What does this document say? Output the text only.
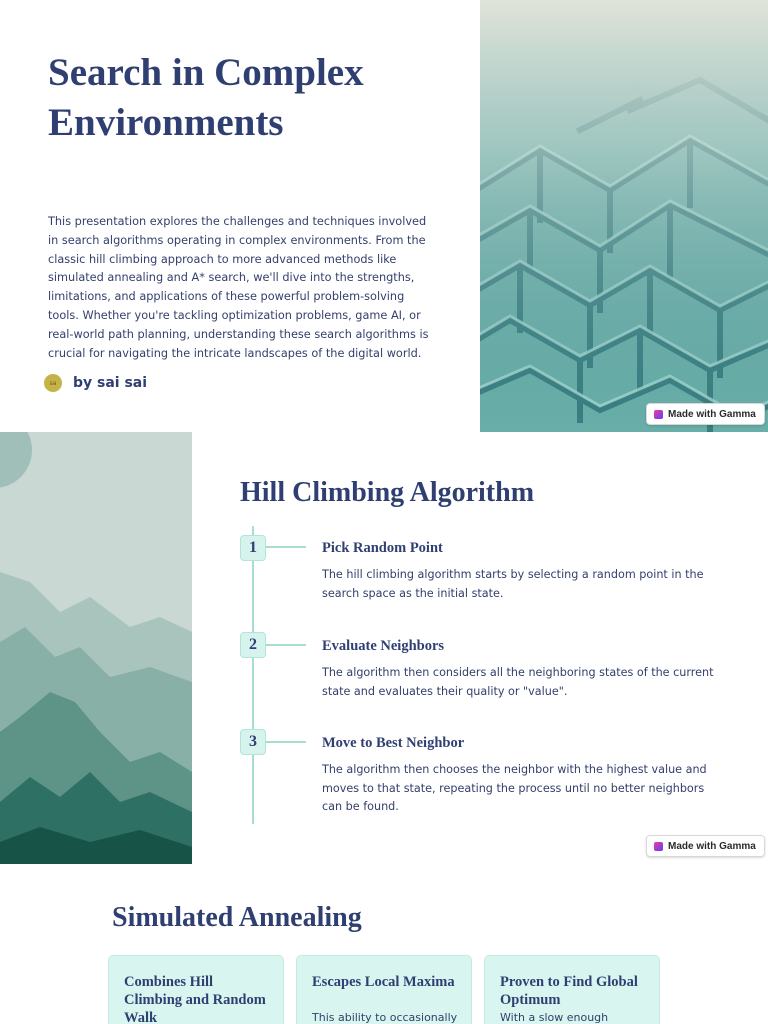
Search in Complex Environments

This presentation explores the challenges and techniques involved in search algorithms operating in complex environments. From the classic hill climbing approach to more advanced methods like simulated annealing and A* search, we'll dive into the strengths, limitations, and applications of these powerful problem-solving tools. Whether you're tackling optimization problems, game AI, or real-world path planning, understanding these search algorithms is crucial for navigating the intricate landscapes of the digital world.

sa	by sai sai
Made with Gamma
Hill Climbing Algorithm
1	Pick Random Point

The hill climbing algorithm starts by selecting a random point in the search space as the initial state.

2	Evaluate Neighbors

The algorithm then considers all the neighboring states of the current state and evaluates their quality or "value".

3	Move to Best Neighbor

The algorithm then chooses the neighbor with the highest value and moves to that state, repeating the process until no better neighbors can be found.

Made with Gamma
Simulated Annealing
Combines Hill Climbing and Random Walk

Escapes Local Maxima

This ability to occasionally

Proven to Find Global Optimum

With a slow enough
